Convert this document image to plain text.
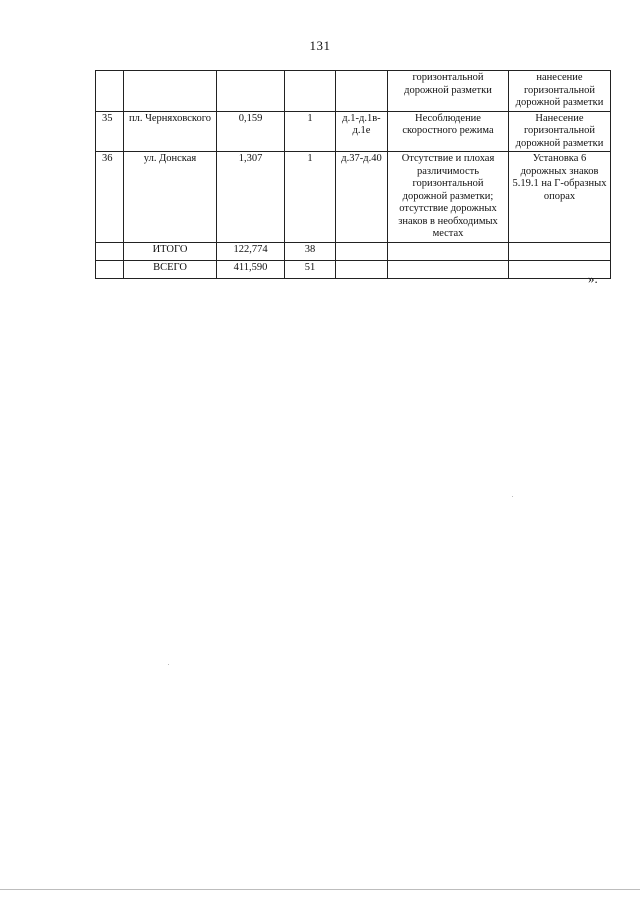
131
					горизонтальной дорожной разметки	нанесение горизонтальной дорожной разметки
35	пл. Черняховского	0,159	1	д.1-д.1в-д.1е	Несоблюдение скоростного режима	Нанесение горизонтальной дорожной разметки
36	ул. Донская	1,307	1	д.37-д.40	Отсутствие и плохая различимость горизонтальной дорожной разметки; отсутствие дорожных знаков в необходимых местах	Установка 6 дорожных знаков 5.19.1 на Г-образных опорах
	ИТОГО	122,774	38			
	ВСЕГО	411,590	51			
».
